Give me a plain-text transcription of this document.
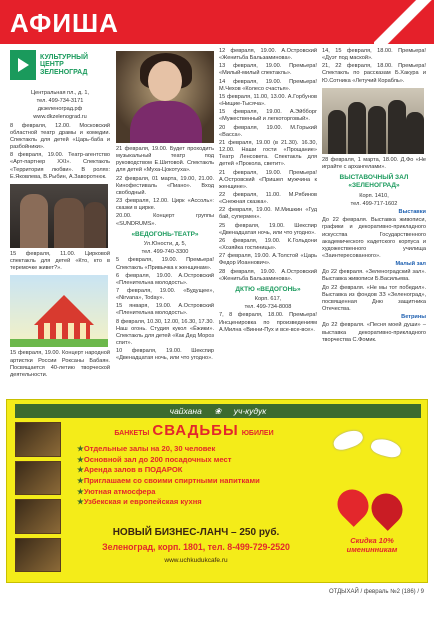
АФИША
КУЛЬТУРНЫЙ
ЦЕНТР
ЗЕЛЕНОГРАД

Центральная пл., д. 1,

тел. 499-734-3171

дкзеленоград.рф

www.dkzelenograd.ru

8 февраля, 12.00. Московский областной театр драмы и комедии. Спектакль для детей «Царь-баба и разбойники».

8 февраля, 19.00. Театр-агентство «Арт-партнер XXI». Спектакль «Территория любви». В ролях: Е.Яковлева, В.Рыбин, А.Заворотнюк.

15 февраля, 11.00. Цирковой спектакль для детей «Кто, кто в теремочке живет?».

15 февраля, 19.00. Концерт народной артистки России Роксаны Бабаян. Посвящается 40-летию творческой деятельности.

21 февраля, 19.00. Будет проходить музыкальный театр под руководством Е.Шитовой. Спектакль для детей «Муха-Цокотуха».

22 февраля, 01 марта, 19.00, 21.00. Кинофестиваль «Пиано». Вход свободный.

23 февраля, 12.00. Цирк «Ассоль»: сказки в цирке.

20.00. Концерт группы «SUNDRUMS».

«ВЕДОГОНЬ-ТЕАТР»

Ул.Юности, д. 5,

тел. 499-740-3300

5 февраля, 19.00. Премьера! Спектакль «Привычка к женщинам».

6 февраля, 19.00. А.Островский «Пленительна молодость».

7 февраля, 19.00. «Будущее», «Nirvana», Today».

15 января, 19.00. А.Островский «Пленительна молодость».

8 февраля, 10.30, 12.00, 16.30, 17.30. Наш огонь. Студия кукол «Ёжики». Спектакль для детей «Как Дед Мороз спит».

10 февраля, 19.00. Шекспир «Двенадцатая ночь, или что угодно».

12 февраля, 19.00. А.Островский «Женитьба Бальзаминова».

13 февраля, 19.00. Премьера! «Милый-милый спектакль».

14 февраля, 19.00. Премьера! М.Чехов «Колесо счастья».

15 февраля, 11.00, 13.00. А.Горбунов «Нищие-Тысяча».

15 февраля, 19.00. А.Эйбборг «Мужественный и легкоторговый».

20 февраля, 19.00. М.Горький «Васса».

21 февраля, 19.00 (в 21.30). 16.30, 12.00. Наши гости «Прощание» Театр Ленсовета. Спектакль для детей «Прокола, светит».

21 февраля, 19.00. Премьера! А.Островский «Пришел мужчина к женщине».

22 февраля, 11.00. М.Рябинов «Снежная сказка».

22 февраля, 19.00. М.Мишкин «Гуд бай, супермен».

25 февраля, 19.00. Шекспир «Двенадцатая ночь, или что угодно».

26 февраля, 19.00. К.Гольдони «Хозяйка гостиницы».

27 февраля, 19.00. А.Толстой «Царь Федор Иоаннович».

28 февраля, 19.00. А.Островский «Женитьба Бальзаминова».

ДКТЮ «ВЕДОГОНЬ»

Корп. 617,

тел. 499-734-8008

7, 8 февраля, 18.00. Премьера! Инсценировка по произведениям А.Милна «Винни-Пух и все-все-все».

14, 15 февраля, 18.00. Премьера! «Дуэт под маской».

21, 22 февраля, 18.00. Премьера! Спектакль по рассказам Б.Хакура и Ю.Сотника «Летучий Корабль».

28 февраля, 1 марта, 18.00. Д.Фо «Не играйте с архангелами».

ВЫСТАВОЧНЫЙ ЗАЛ «ЗЕЛЕНОГРАД»

Корп. 1410,

тел. 499-717-1602

Выставки

До 22 февраля. Выставка живописи, графики и декоративно-прикладного искусства Государственного академического кадетского корпуса и художественного училища «Заинтересованного».

Малый зал

До 22 февраля. «Зеленоградский зал». Выставка живописи Б.Васильева.

До 22 февраля. «Не мы тот победил». Выставка из фондов ЗЗ «Зеленоград», посвященная Дню защитника Отечества.

Ветрины

До 22 февраля. «Песня моей души» – выставка декоративно-прикладного творчества С.Фомик.

чайхана ❀ уч-кудук
БАНКЕТЫ СВАДЬБЫ ЮБИЛЕИ
★ Отдельные залы на 20, 30 человек
★ Основной зал до 200 посадочных мест
★ Аренда залов в ПОДАРОК
★ Приглашаем со своими спиртными напитками
★ Уютная атмосфера
★ Узбекская и европейская кухня
НОВЫЙ БИЗНЕС-ЛАНЧ – 250 руб.
Зеленоград, корп. 1801, тел. 8-499-729-2520
www.uchkudukcafe.ru
Скидка 10% именинникам
ОТДЫХАЙ / февраль №2 (186) / 9
